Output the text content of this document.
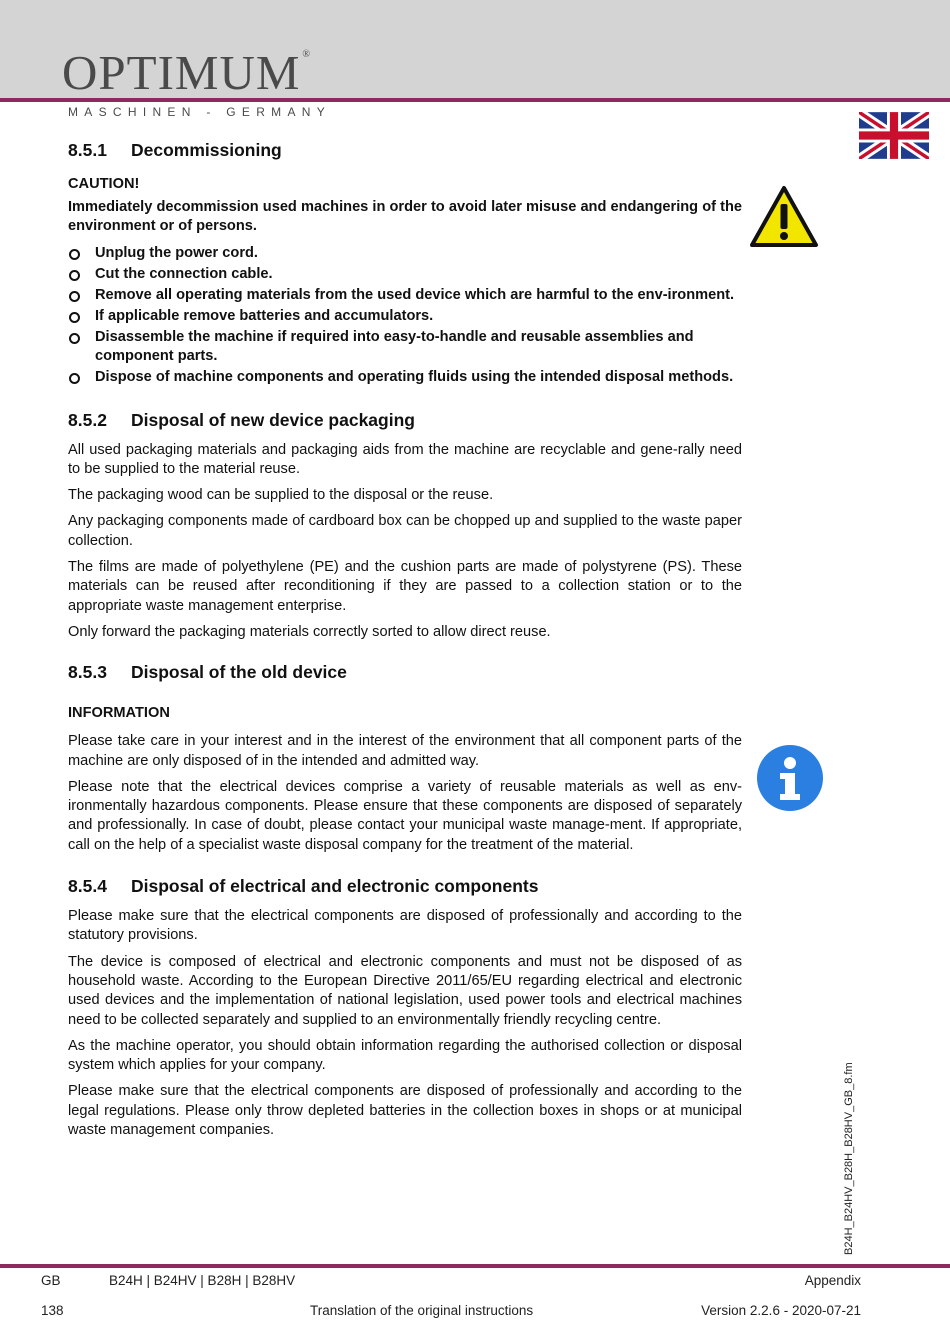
OPTIMUM ®
MASCHINEN - GERMANY
8.5.1 Decommissioning
CAUTION!

Immediately decommission used machines in order to avoid later misuse and endangering of the environment or of persons.

Unplug the power cord.
Cut the connection cable.
Remove all operating materials from the used device which are harmful to the env-ironment.
If applicable remove batteries and accumulators.
Disassemble the machine if required into easy-to-handle and reusable assemblies and component parts.
Dispose of machine components and operating fluids using the intended disposal methods.
8.5.2 Disposal of new device packaging

All used packaging materials and packaging aids from the machine are recyclable and gene-rally need to be supplied to the material reuse.

The packaging wood can be supplied to the disposal or the reuse.

Any packaging components made of cardboard box can be chopped up and supplied to the waste paper collection.

The films are made of polyethylene (PE) and the cushion parts are made of polystyrene (PS). These materials can be reused after reconditioning if they are passed to a collection station or to the appropriate waste management enterprise.

Only forward the packaging materials correctly sorted to allow direct reuse.

8.5.3 Disposal of the old device
INFORMATION

Please take care in your interest and in the interest of the environment that all component parts of the machine are only disposed of in the intended and admitted way.

Please note that the electrical devices comprise a variety of reusable materials as well as env-ironmentally hazardous components. Please ensure that these components are disposed of separately and professionally. In case of doubt, please contact your municipal waste manage-ment. If appropriate, call on the help of a specialist waste disposal company for the treatment of the material.

8.5.4 Disposal of electrical and electronic components

Please make sure that the electrical components are disposed of professionally and according to the statutory provisions.

The device is composed of electrical and electronic components and must not be disposed of as household waste. According to the European Directive 2011/65/EU regarding electrical and electronic used devices and the implementation of national legislation, used power tools and electrical machines need to be collected separately and supplied to an environmentally friendly recycling centre.

As the machine operator, you should obtain information regarding the authorised collection or disposal system which applies for your company.

Please make sure that the electrical components are disposed of professionally and according to the legal regulations. Please only throw depleted batteries in the collection boxes in shops or at municipal waste management companies.	B24H_B24HV_B28H_B28HV_GB_8.fm
GB	B24H | B24HV | B28H | B28HV	Appendix
138	Translation of the original instructions	Version 2.2.6 - 2020-07-21
